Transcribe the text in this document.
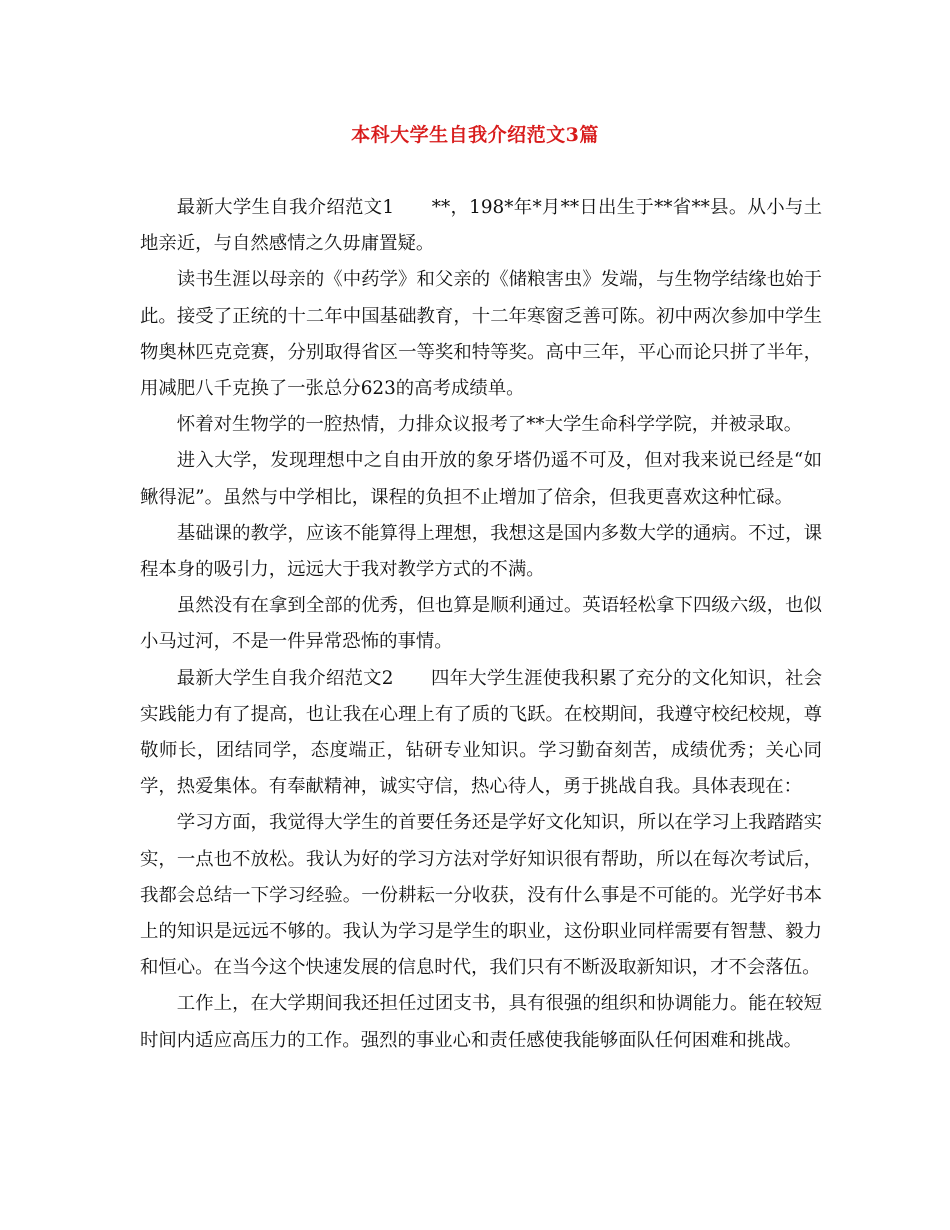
本科大学生自我介绍范文3篇

最新大学生自我介绍范文1　　**，198*年*月**日出生于**省**县。从小与土地亲近，与自然感情之久毋庸置疑。

读书生涯以母亲的《中药学》和父亲的《储粮害虫》发端，与生物学结缘也始于此。接受了正统的十二年中国基础教育，十二年寒窗乏善可陈。初中两次参加中学生物奥林匹克竞赛，分别取得省区一等奖和特等奖。高中三年，平心而论只拼了半年，用减肥八千克换了一张总分623的高考成绩单。

怀着对生物学的一腔热情，力排众议报考了**大学生命科学学院，并被录取。

进入大学，发现理想中之自由开放的象牙塔仍遥不可及，但对我来说已经是“如鳅得泥”。虽然与中学相比，课程的负担不止增加了倍余，但我更喜欢这种忙碌。

基础课的教学，应该不能算得上理想，我想这是国内多数大学的通病。不过，课程本身的吸引力，远远大于我对教学方式的不满。

虽然没有在拿到全部的优秀，但也算是顺利通过。英语轻松拿下四级六级，也似小马过河，不是一件异常恐怖的事情。

最新大学生自我介绍范文2　　四年大学生涯使我积累了充分的文化知识，社会实践能力有了提高，也让我在心理上有了质的飞跃。在校期间，我遵守校纪校规，尊敬师长，团结同学，态度端正，钻研专业知识。学习勤奋刻苦，成绩优秀；关心同学，热爱集体。有奉献精神，诚实守信，热心待人，勇于挑战自我。具体表现在：

学习方面，我觉得大学生的首要任务还是学好文化知识，所以在学习上我踏踏实实，一点也不放松。我认为好的学习方法对学好知识很有帮助，所以在每次考试后，我都会总结一下学习经验。一份耕耘一分收获，没有什么事是不可能的。光学好书本上的知识是远远不够的。我认为学习是学生的职业，这份职业同样需要有智慧、毅力和恒心。在当今这个快速发展的信息时代，我们只有不断汲取新知识，才不会落伍。

工作上，在大学期间我还担任过团支书，具有很强的组织和协调能力。能在较短时间内适应高压力的工作。强烈的事业心和责任感使我能够面队任何困难和挑战。
